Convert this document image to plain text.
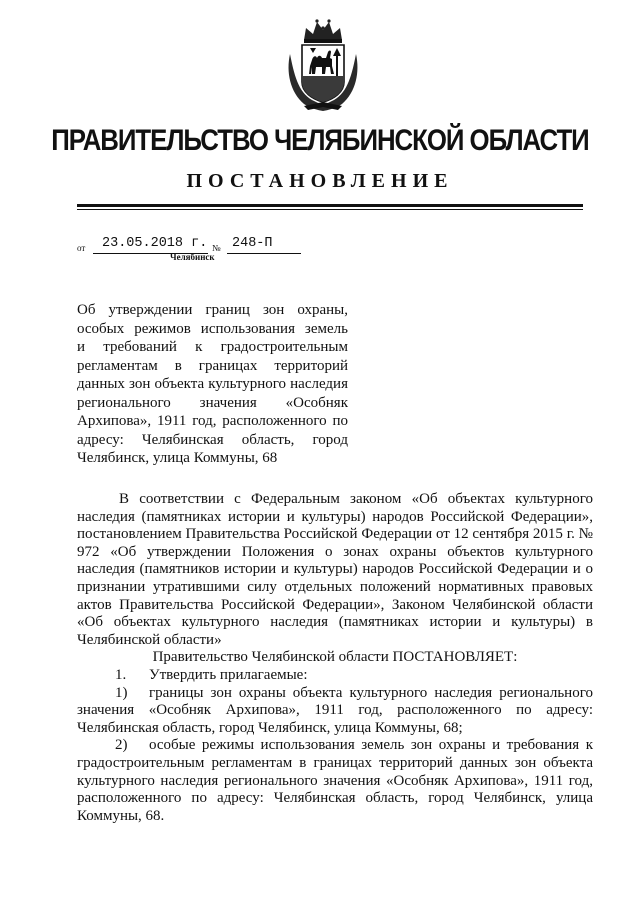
ПРАВИТЕЛЬСТВО ЧЕЛЯБИНСКОЙ ОБЛАСТИ
ПОСТАНОВЛЕНИЕ
от 23.05.2018 г. № 248-П
Челябинск
Об утверждении границ зон охраны,
особых режимов использования земель
и требований к градостроительным
регламентам в границах территорий
данных зон объекта культурного наследия
регионального значения «Особняк
Архипова», 1911 год, расположенного по
адресу: Челябинская область, город
Челябинск, улица Коммуны, 68

В соответствии с Федеральным законом «Об объектах культурного наследия (памятниках истории и культуры) народов Российской Федерации», постановлением Правительства Российской Федерации от 12 сентября 2015 г. № 972 «Об утверждении Положения о зонах охраны объектов культурного наследия (памятников истории и культуры) народов Российской Федерации и о признании утратившими силу отдельных положений нормативных правовых актов Правительства Российской Федерации», Законом Челябинской области «Об объектах культурного наследия (памятниках истории и культуры) в Челябинской области»

Правительство Челябинской области ПОСТАНОВЛЯЕТ:

1.	Утвердить прилагаемые:

1) границы зон охраны объекта культурного наследия регионального значения «Особняк Архипова», 1911 год, расположенного по адресу: Челябинская область, город Челябинск, улица Коммуны, 68;

2) особые режимы использования земель зон охраны и требования к градостроительным регламентам в границах территорий данных зон объекта культурного наследия регионального значения «Особняк Архипова», 1911 год, расположенного по адресу: Челябинская область, город Челябинск, улица Коммуны, 68.
